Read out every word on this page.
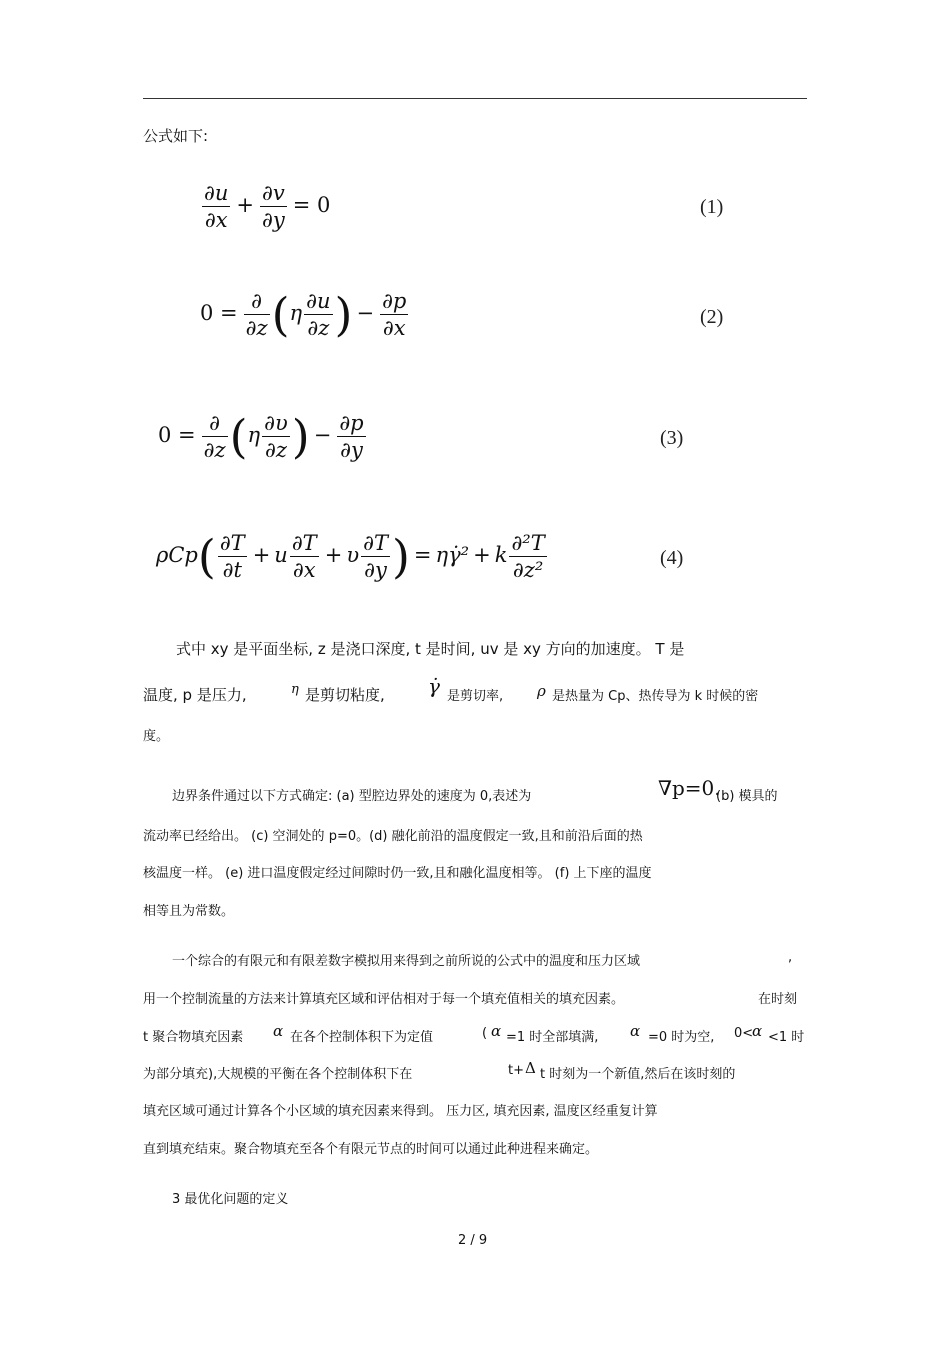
公式如下:
$\frac{\partial u}{\partial x} + \frac{\partial v}{\partial y} = 0$	(1)
$0 = \frac{\partial}{\partial z} (\eta \frac{\partial u}{\partial z}$ ) − $\frac{\partial p}{\partial x}$	(2)
$0 = \frac{\partial}{\partial z} (\eta \frac{\partial\upsilon}{\partial z}$ ) − $\frac{\partial p}{\partial y}$	(3)
$\rho Cp( \frac{\partial T}{\partial t} + u \frac{\partial T}{\partial x} + \upsilon \frac{\partial T}{\partial y}$ ) = ηγ̇² + k $\frac{\text{∂²T}}{\text{∂z²}}$	(4)
式中 xy 是平面坐标, z 是浇口深度, t 是时间, uv 是 xy 方向的加速度。 T 是
温度, p 是压力,	η 是剪切粘度, γ̇ 是剪切率, ρ 是热量为 Cp、热传导为 k 时候的密
度。
边界条件通过以下方式确定: (a) 型腔边界处的速度为 0,表述为	∇p=0.
(b) 模具的
流动率已经给出。 (c) 空洞处的 p=0。(d) 融化前沿的温度假定一致,且和前沿后面的热
核温度一样。 (e) 进口温度假定经过间隙时仍一致,且和融化温度相等。 (f) 上下座的温度
相等且为常数。
一个综合的有限元和有限差数字模拟用来得到之前所说的公式中的温度和压力区域	,
用一个控制流量的方法来计算填充区域和评估相对于每一个填充值相关的填充因素。	在时刻
t 聚合物填充因素 α 在各个控制体积下为定值	( α =1 时全部填满, α =0 时为空, 0<
α <1 时
为部分填充),大规模的平衡在各个控制体积下在	t+ Δ t 时刻为一个新值,然后在该时刻的
填充区域可通过计算各个小区域的填充因素来得到。 压力区, 填充因素, 温度区经重复计算
直到填充结束。聚合物填充至各个有限元节点的时间可以通过此种进程来确定。
3 最优化问题的定义
2 / 9
